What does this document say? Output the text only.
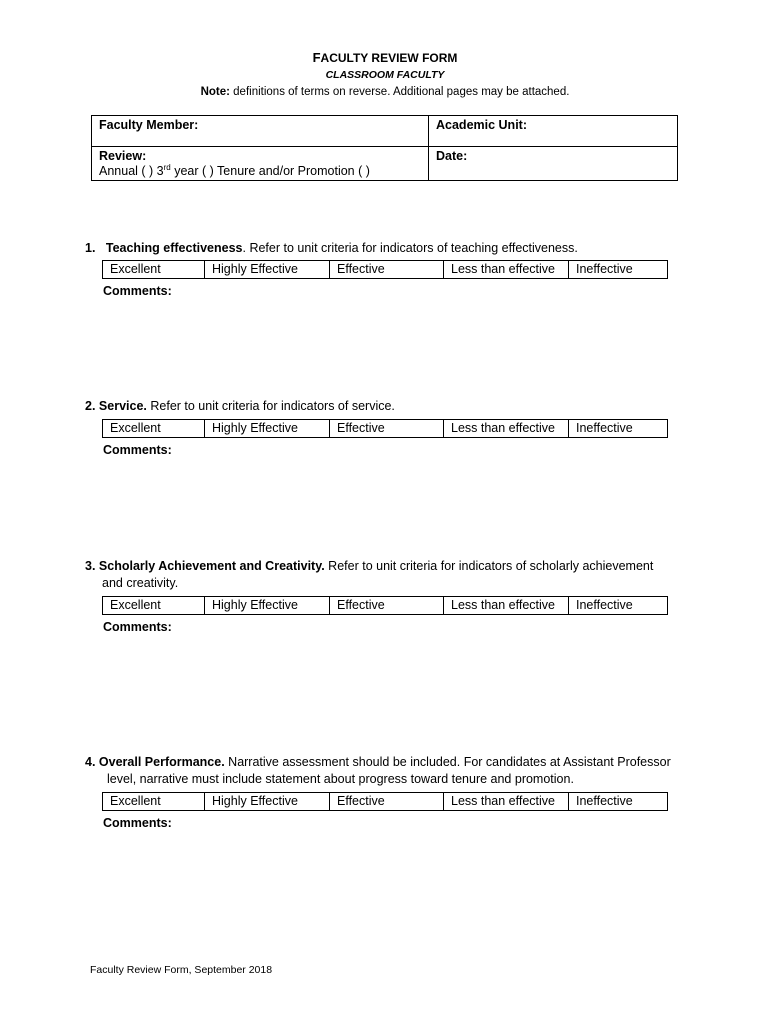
FACULTY REVIEW FORM
CLASSROOM FACULTY
Note: definitions of terms on reverse. Additional pages may be attached.
Faculty Member:	Academic Unit:

Review:
Annual ( ) 3rd year ( ) Tenure and/or Promotion ( )	Date:
1. Teaching effectiveness. Refer to unit criteria for indicators of teaching effectiveness.
Excellent	Highly Effective	Effective	Less than effective	Ineffective
Comments:
2. Service. Refer to unit criteria for indicators of service.
Excellent	Highly Effective	Effective	Less than effective	Ineffective
Comments:
3. Scholarly Achievement and Creativity. Refer to unit criteria for indicators of scholarly achievement
and creativity.
Excellent	Highly Effective	Effective	Less than effective	Ineffective
Comments:
4. Overall Performance. Narrative assessment should be included. For candidates at Assistant Professor
level, narrative must include statement about progress toward tenure and promotion.
Excellent	Highly Effective	Effective	Less than effective	Ineffective
Comments:
Faculty Review Form, September 2018
